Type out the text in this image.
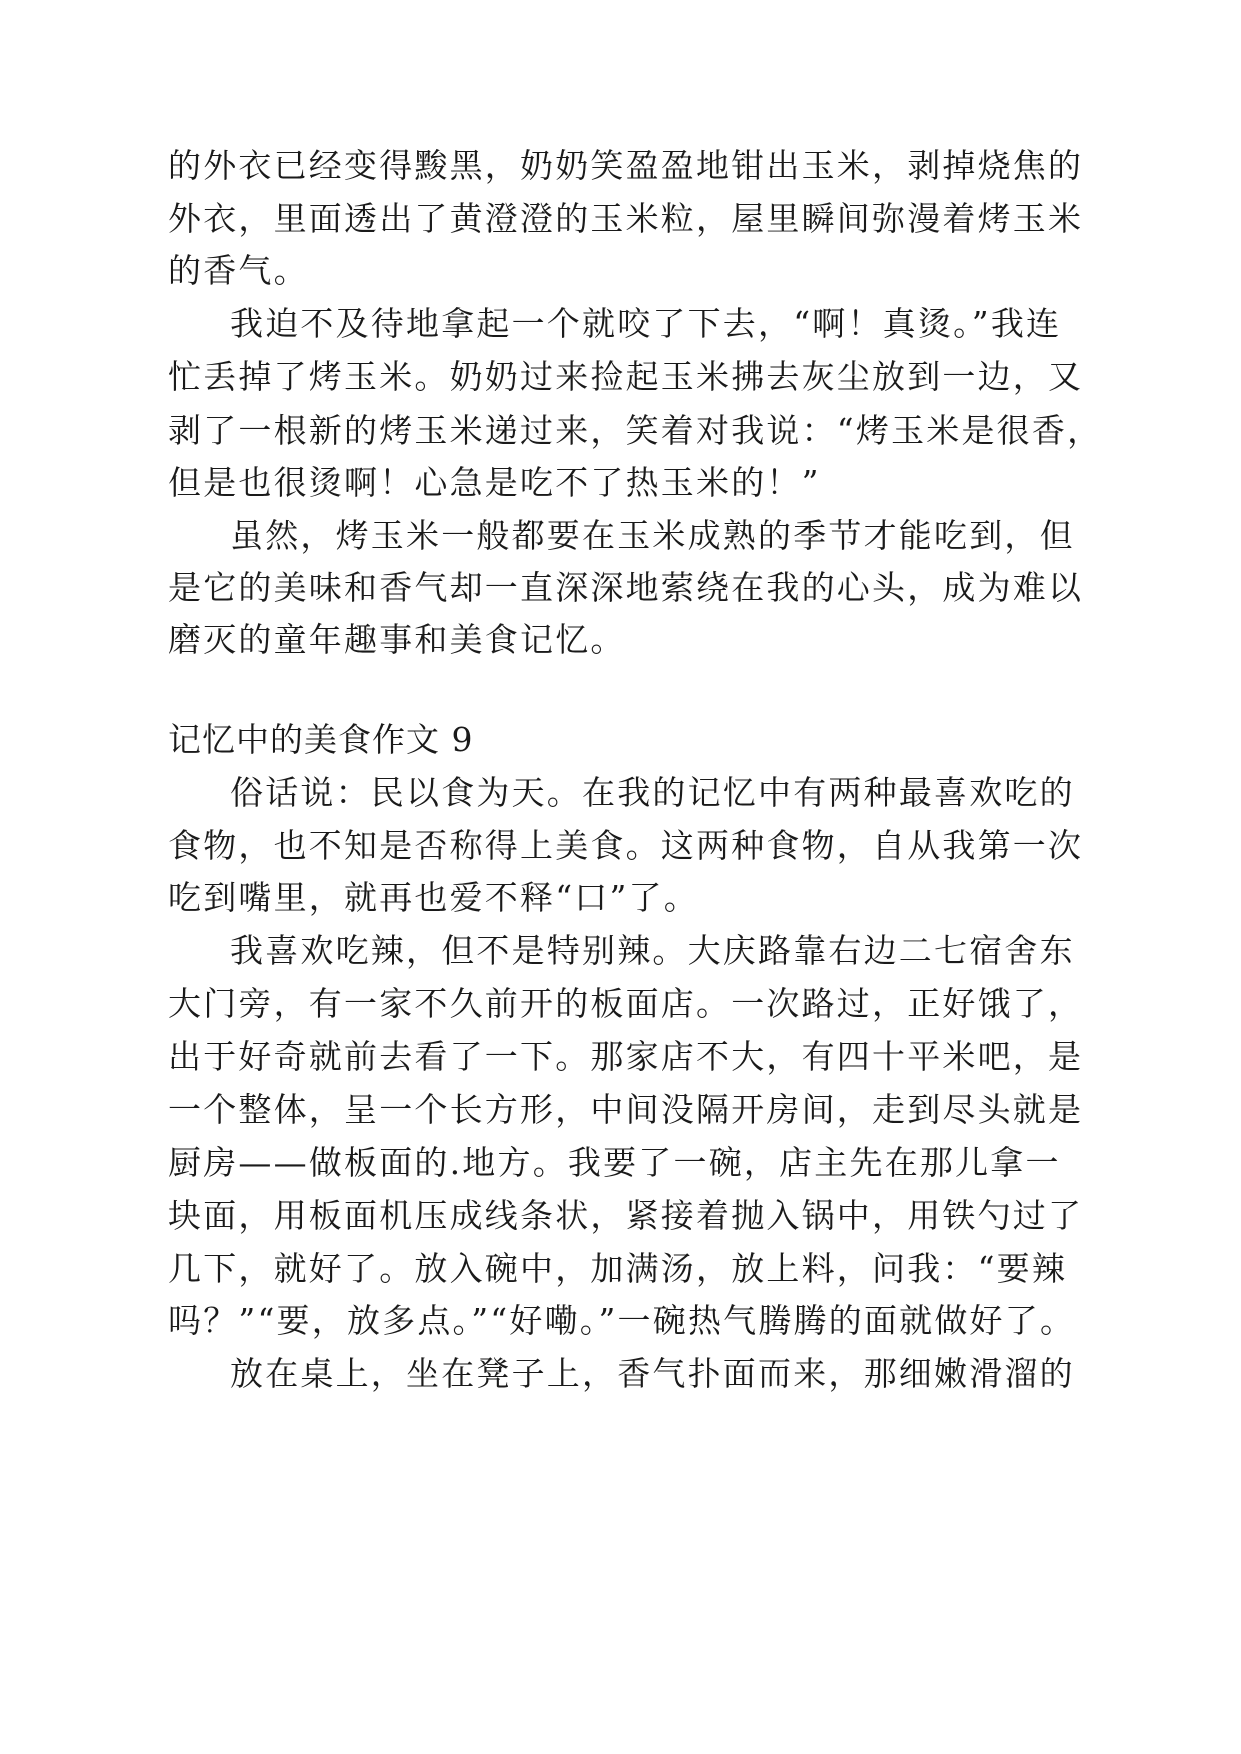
的外衣已经变得黢黑，奶奶笑盈盈地钳出玉米，剥掉烧焦的

外衣，里面透出了黄澄澄的玉米粒，屋里瞬间弥漫着烤玉米

的香气。

我迫不及待地拿起一个就咬了下去，“啊！真烫。”我连

忙丢掉了烤玉米。奶奶过来捡起玉米拂去灰尘放到一边，又

剥了一根新的烤玉米递过来，笑着对我说：“烤玉米是很香，

但是也很烫啊！心急是吃不了热玉米的！”

虽然，烤玉米一般都要在玉米成熟的季节才能吃到，但

是它的美味和香气却一直深深地萦绕在我的心头，成为难以

磨灭的童年趣事和美食记忆。

记忆中的美食作文 9

俗话说：民以食为天。在我的记忆中有两种最喜欢吃的

食物，也不知是否称得上美食。这两种食物，自从我第一次

吃到嘴里，就再也爱不释“口”了。

我喜欢吃辣，但不是特别辣。大庆路靠右边二七宿舍东

大门旁，有一家不久前开的板面店。一次路过，正好饿了，

出于好奇就前去看了一下。那家店不大，有四十平米吧，是

一个整体，呈一个长方形，中间没隔开房间，走到尽头就是

厨房——做板面的.地方。我要了一碗，店主先在那儿拿一

块面，用板面机压成线条状，紧接着抛入锅中，用铁勺过了

几下，就好了。放入碗中，加满汤，放上料，问我：“要辣

吗？”“要，放多点。”“好嘞。”一碗热气腾腾的面就做好了。

放在桌上，坐在凳子上，香气扑面而来，那细嫩滑溜的
